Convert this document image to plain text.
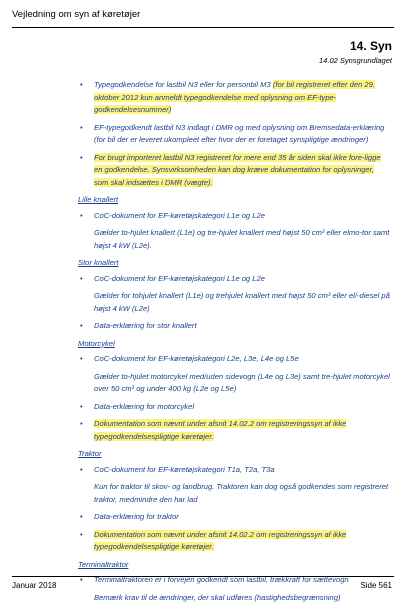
Vejledning om syn af køretøjer
14. Syn
14.02 Synsgrundlaget
• Typegodkendelse for lastbil N3 eller for personbil M3 (for bil registreret efter den 29. oktober 2012 kun anmeldt typegodkendelse med oplysning om EF-type-godkendelsesnummer)
• EF-typegodkendt lastbil N3 indlagt i DMR og med oplysning om Bremsedata-erklæring (for bil der er leveret ukompleet efter hvor der er foretaget synspligtige ændringer)
• For brugt importeret lastbil N3 registreret for mere end 35 år siden skal ikke fore-ligge en godkendelse. Synsvirksomheden kan dog kræve dokumentation for oplysninger, som skal indsættes i DMR (vægte).
Lille knallert
• CoC-dokument for EF-køretøjskategori L1e og L2e
Gælder to-hjulet knallert (L1e) og tre-hjulet knallert med højst 50 cm³ eller elmo-tor samt højst 4 kW (L2e).
Stor knallert
• CoC-dokument for EF-køretøjskategori L1e og L2e
Gælder for tohjulet knallert (L1e) og trehjulet knallert med højst 50 cm³ eller el/-diesel på højst 4 kW (L2e)
• Data-erklæring for stor knallert
Motorcykel
• CoC-dokument for EF-køretøjskategori L2e, L3e, L4e og L5e
Gælder to-hjulet motorcykel med/uden sidevogn (L4e og L3e) samt tre-hjulet motorcykel over 50 cm³ og under 400 kg (L2e og L5e)
• Data-erklæring for motorcykel
• Dokumentation som nævnt under afsnit 14.02.2 om registreringssyn af ikke typegodkendelsespligtige køretøjer.
Traktor
• CoC-dokument for EF-køretøjskategori T1a, T2a, T3a
Kun for traktor til skov- og landbrug. Traktoren kan dog også godkendes som registreret traktor, medmindre den har lad
• Data-erklæring for traktor
• Dokumentation som nævnt under afsnit 14.02.2 om registreringssyn af ikke typegodkendelsespligtige køretøjer.
Terminaltraktor
• Terminaltraktoren er i forvejen godkendt som lastbil, trækkraft for sættevogn
Bemærk krav til de ændringer, der skal udføres (hastighedsbegrænsning)
Januar 2018	Side 561
